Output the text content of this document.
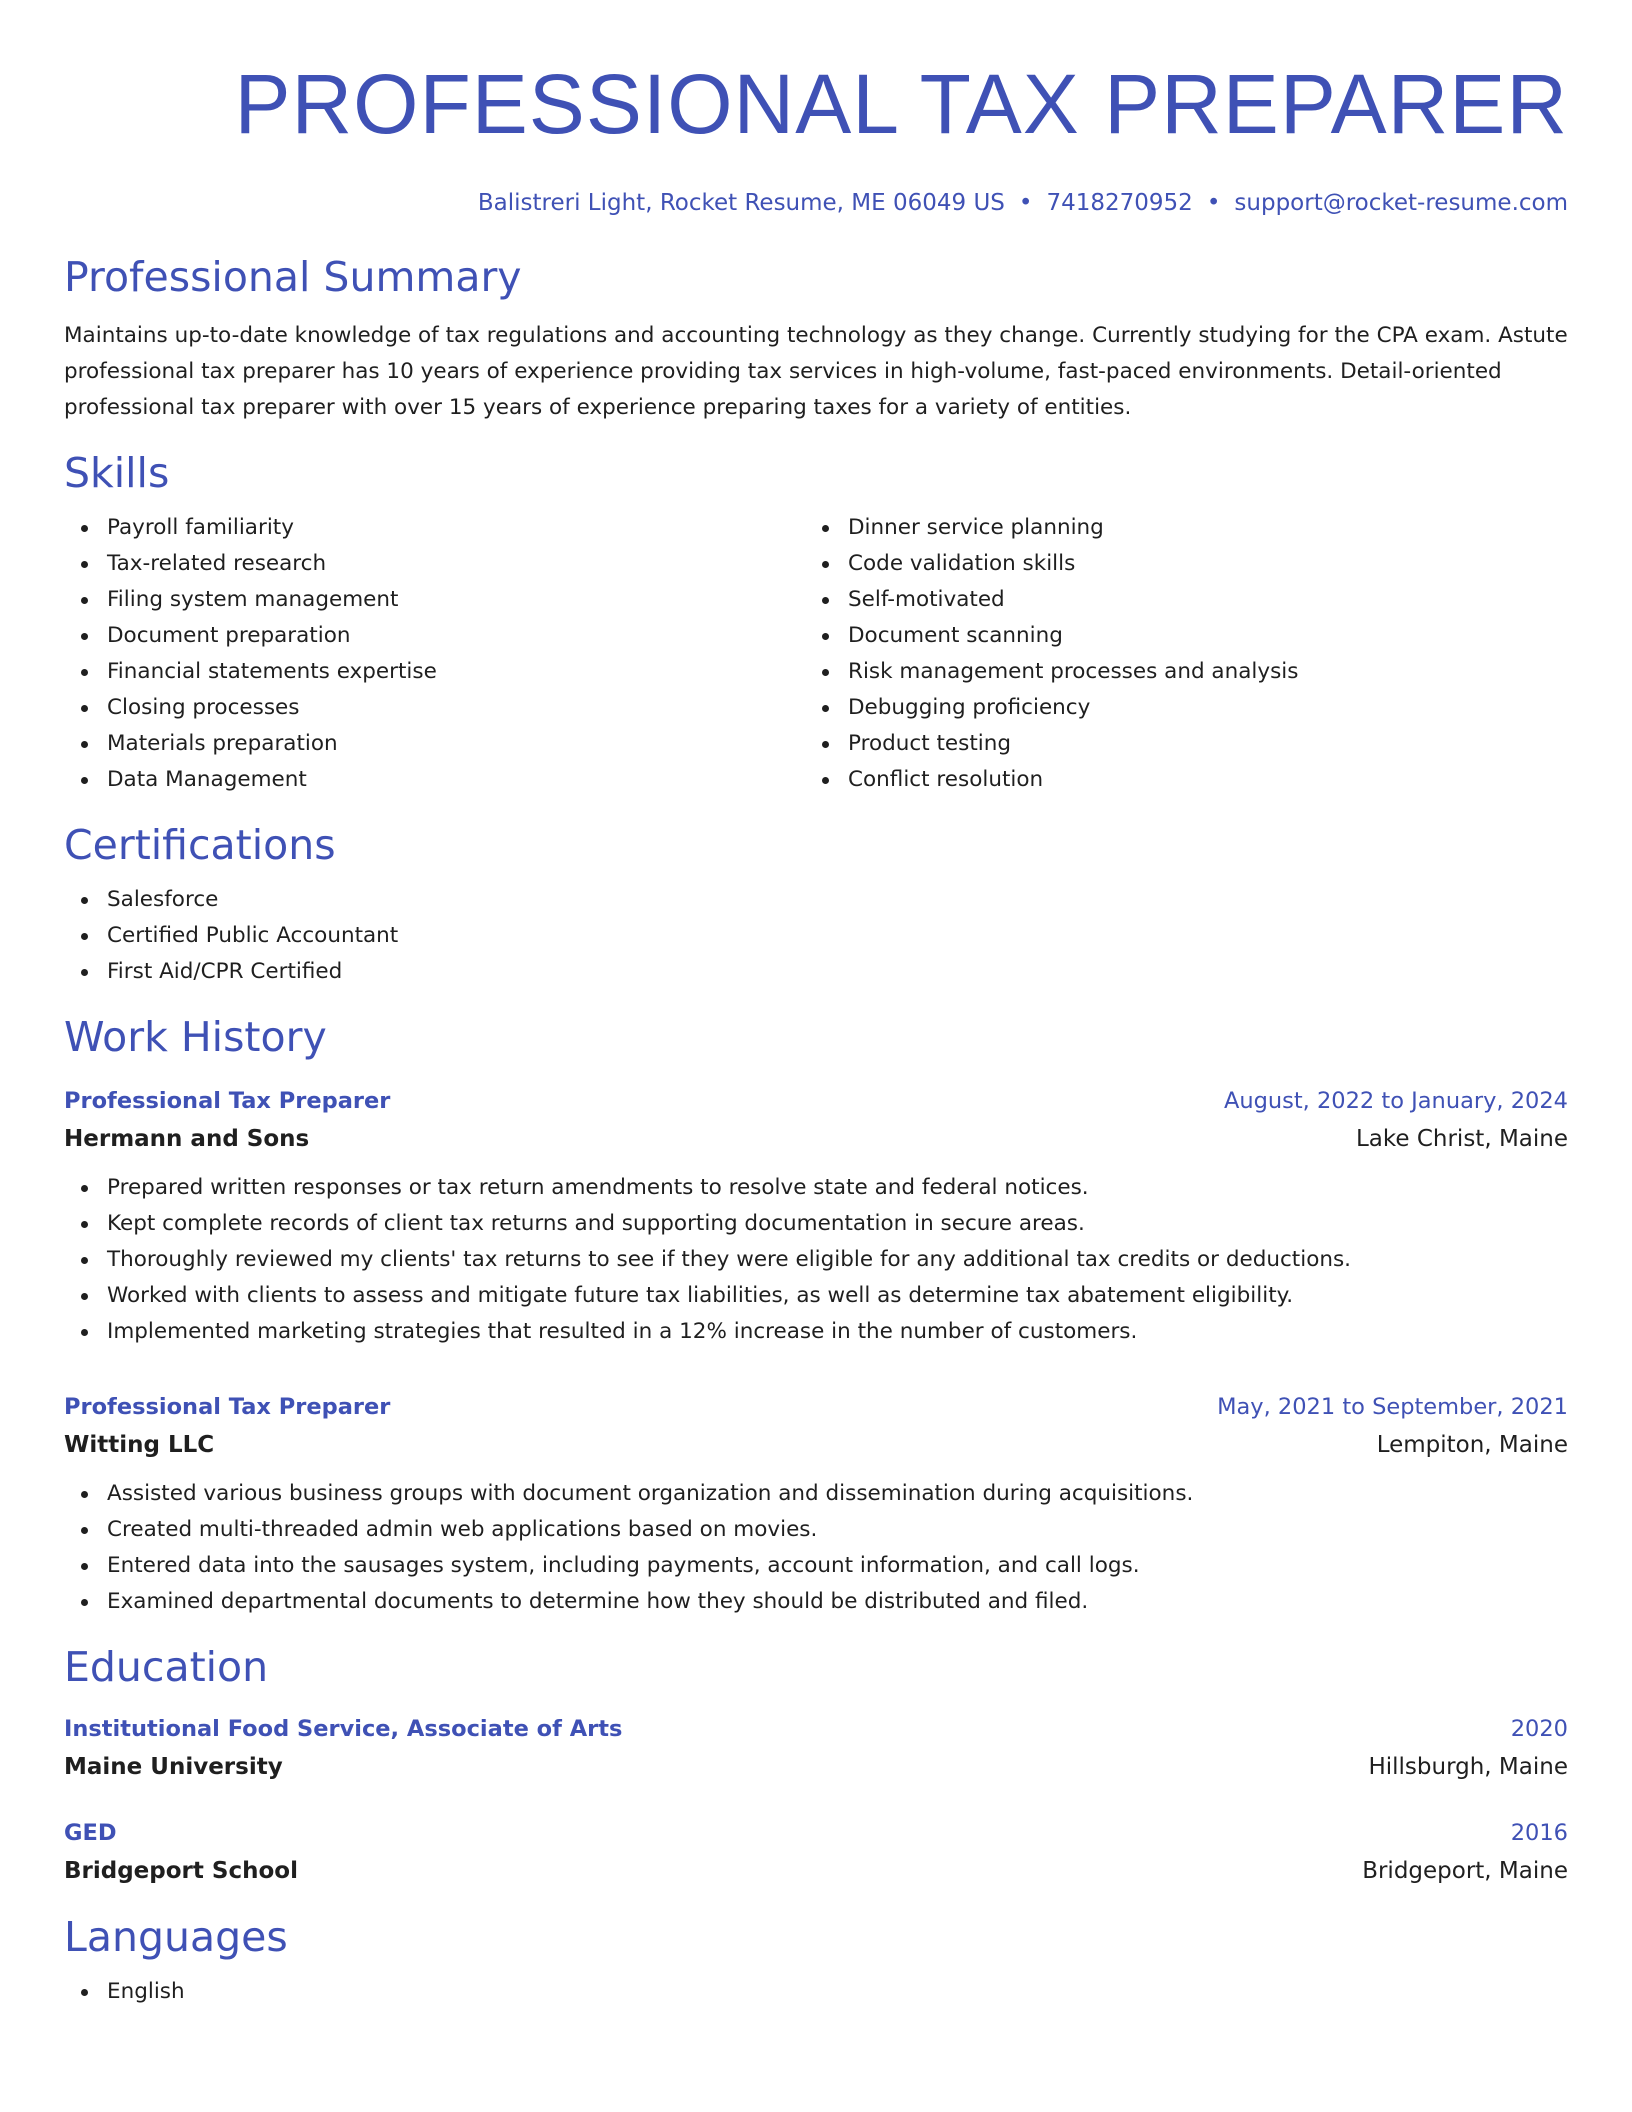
PROFESSIONAL TAX PREPARER
Balistreri Light, Rocket Resume, ME 06049 US • 7418270952 • support@rocket-resume.com
Professional Summary

Maintains up-to-date knowledge of tax regulations and accounting technology as they change. Currently studying for the CPA exam. Astute professional tax preparer has 10 years of experience providing tax services in high-volume, fast-paced environments. Detail-oriented professional tax preparer with over 15 years of experience preparing taxes for a variety of entities.

Skills
Payroll familiarity
Tax-related research
Filing system management
Document preparation
Financial statements expertise
Closing processes
Materials preparation
Data Management
Dinner service planning
Code validation skills
Self-motivated
Document scanning
Risk management processes and analysis
Debugging proficiency
Product testing
Conflict resolution
Certifications
Salesforce
Certified Public Accountant
First Aid/CPR Certified
Work History
Professional Tax Preparer	August, 2022 to January, 2024
Hermann and Sons	Lake Christ, Maine
Prepared written responses or tax return amendments to resolve state and federal notices.
Kept complete records of client tax returns and supporting documentation in secure areas.
Thoroughly reviewed my clients' tax returns to see if they were eligible for any additional tax credits or deductions.
Worked with clients to assess and mitigate future tax liabilities, as well as determine tax abatement eligibility.
Implemented marketing strategies that resulted in a 12% increase in the number of customers.
Professional Tax Preparer	May, 2021 to September, 2021
Witting LLC	Lempiton, Maine
Assisted various business groups with document organization and dissemination during acquisitions.
Created multi-threaded admin web applications based on movies.
Entered data into the sausages system, including payments, account information, and call logs.
Examined departmental documents to determine how they should be distributed and filed.
Education
Institutional Food Service, Associate of Arts	2020
Maine University	Hillsburgh, Maine
GED	2016
Bridgeport School	Bridgeport, Maine
Languages
English
